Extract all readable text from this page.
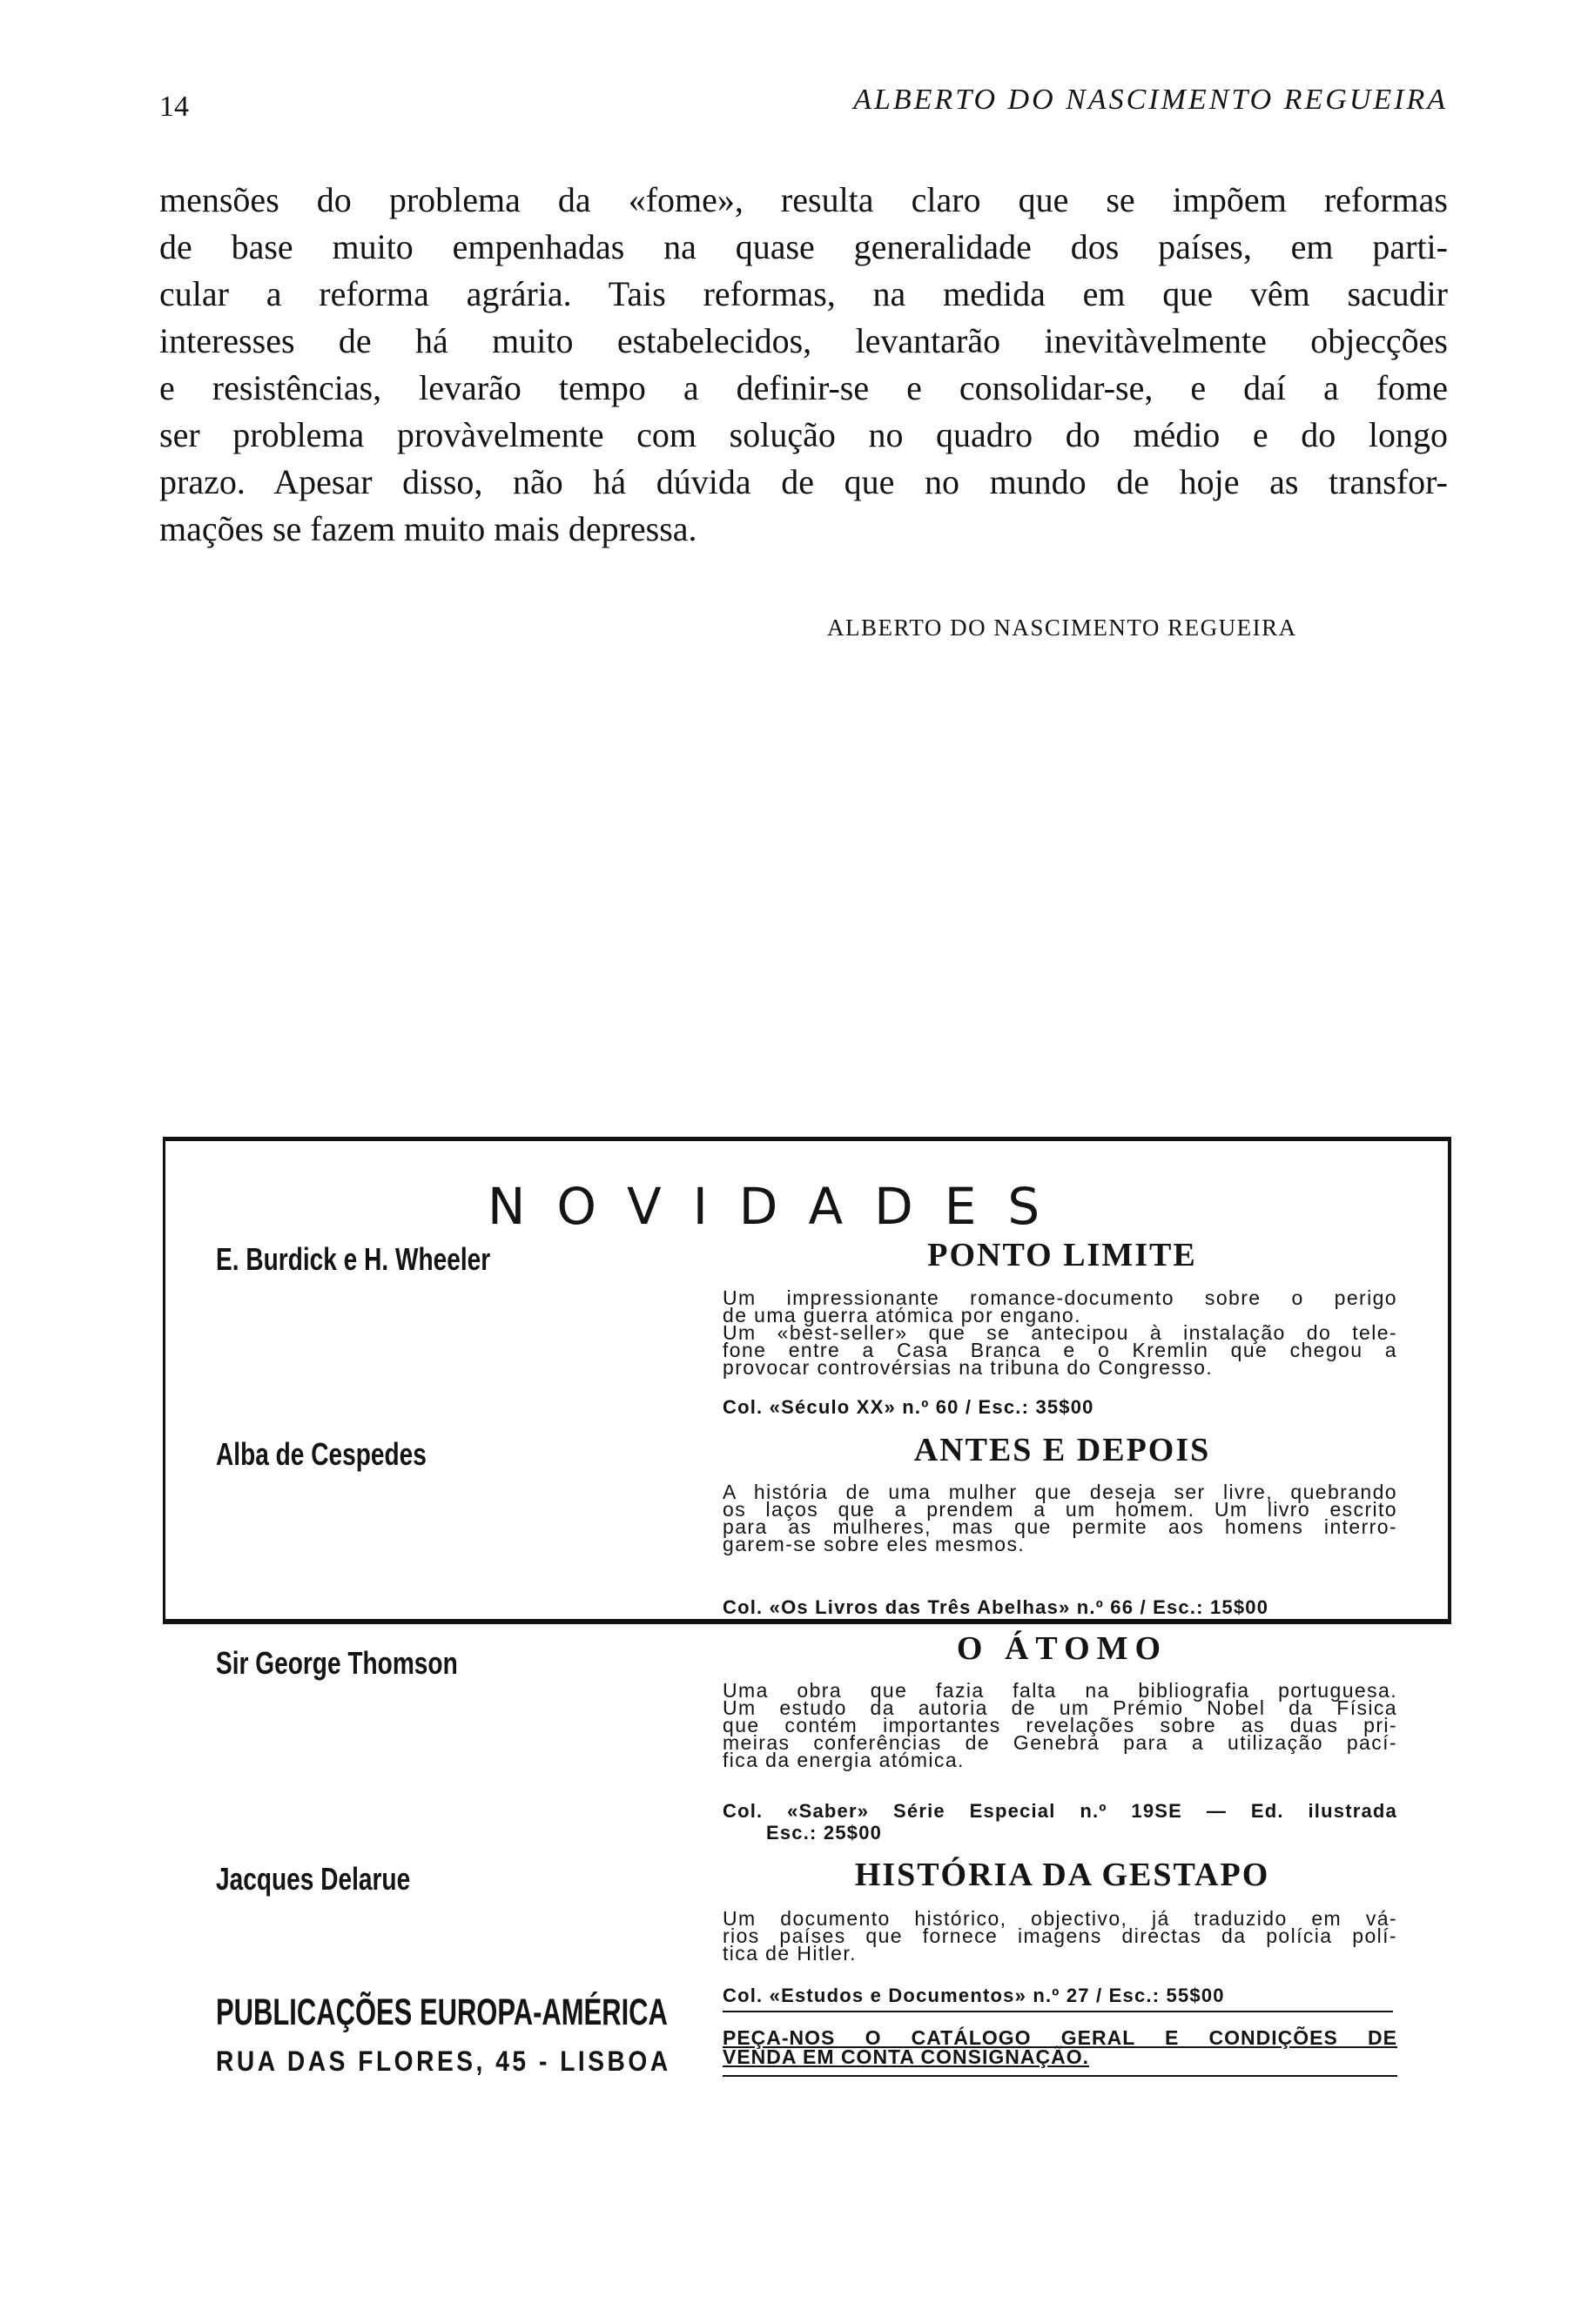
14	ALBERTO DO NASCIMENTO REGUEIRA
mensões do problema da «fome», resulta claro que se impõem reformas
de base muito empenhadas na quase generalidade dos países, em parti-
cular a reforma agrária. Tais reformas, na medida em que vêm sacudir
interesses de há muito estabelecidos, levantarão inevitàvelmente objecções
e resistências, levarão tempo a definir-se e consolidar-se, e daí a fome
ser problema provàvelmente com solução no quadro do médio e do longo
prazo. Apesar disso, não há dúvida de que no mundo de hoje as transfor-
mações se fazem muito mais depressa.
ALBERTO DO NASCIMENTO REGUEIRA
NOVIDADES
E. Burdick e H. Wheeler	PONTO LIMITE

Um impressionante romance-documento sobre o perigo

de uma guerra atómica por engano.

Um «best-seller» que se antecipou à instalação do tele-

fone entre a Casa Branca e o Kremlin que chegou a

provocar controvérsias na tribuna do Congresso.

Col. «Século XX» n.º 60 / Esc.: 35$00
Alba de Cespedes	ANTES E DEPOIS

A história de uma mulher que deseja ser livre, quebrando

os laços que a prendem a um homem. Um livro escrito

para as mulheres, mas que permite aos homens interro-

garem-se sobre eles mesmos.

Col. «Os Livros das Três Abelhas» n.º 66 / Esc.: 15$00
Sir George Thomson	O ÁTOMO

Uma obra que fazia falta na bibliografia portuguesa.

Um estudo da autoria de um Prémio Nobel da Física

que contém importantes revelações sobre as duas pri-

meiras conferências de Genebra para a utilização pací-

fica da energia atómica.

Col. «Saber» Série Especial n.º 19SE — Ed. ilustrada
Esc.: 25$00
Jacques Delarue	HISTÓRIA DA GESTAPO

Um documento histórico, objectivo, já traduzido em vá-

rios países que fornece imagens directas da polícia polí-

tica de Hitler.

Col. «Estudos e Documentos» n.º 27 / Esc.: 55$00
PUBLICAÇÕES EUROPA-AMÉRICA
RUA DAS FLORES, 45 - LISBOA

PEÇA-NOS O CATÁLOGO GERAL E CONDIÇÕES DE

VENDA EM CONTA CONSIGNAÇÃO.
